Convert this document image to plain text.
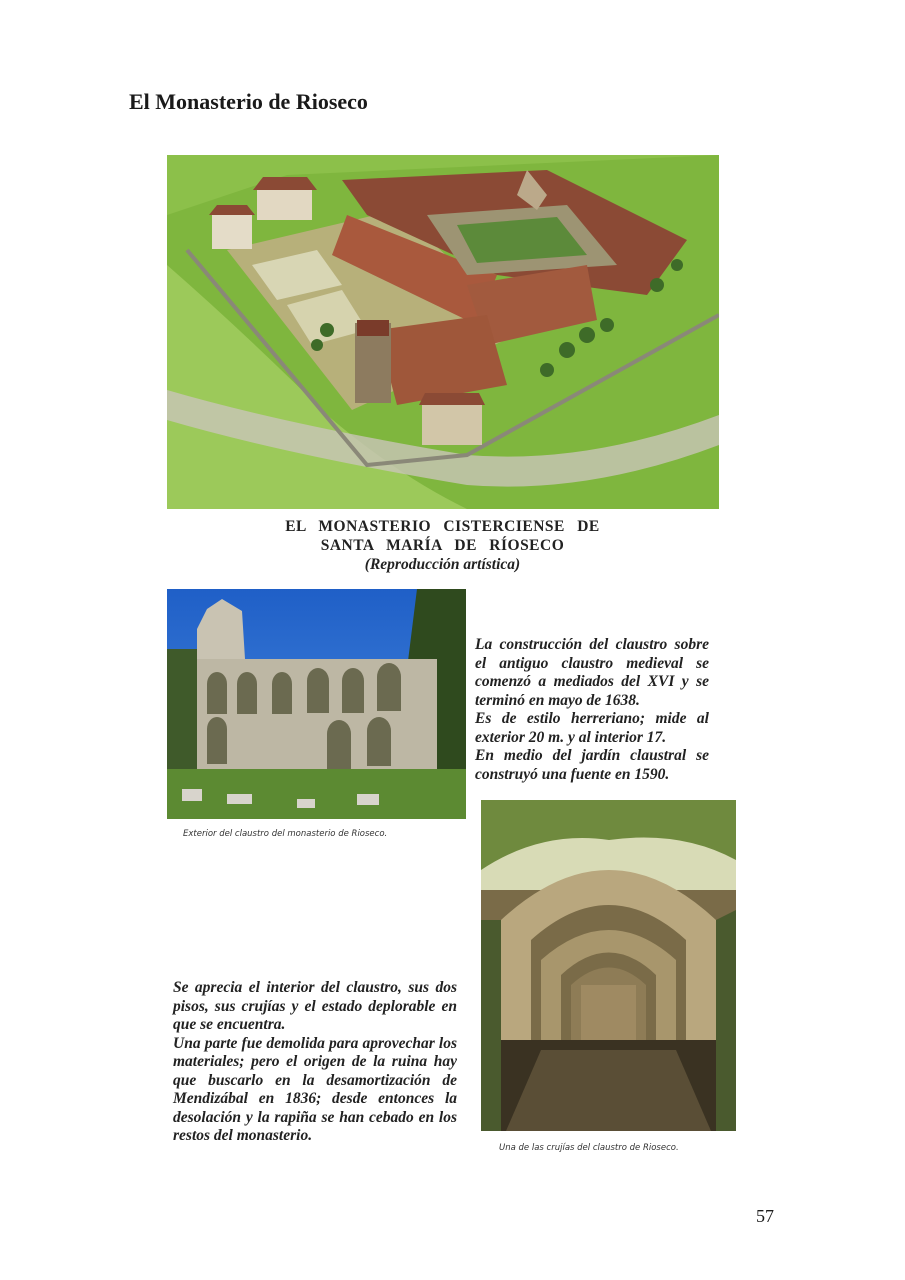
El Monasterio de Rioseco
EL MONASTERIO CISTERCIENSE DE
SANTA MARÍA DE RÍOSECO
(Reproducción artística)
Exterior del claustro del monasterio de Rioseco.

La construcción del claustro sobre el antiguo claustro medieval se comenzó a mediados del XVI y se terminó en mayo de 1638.

Es de estilo herreriano; mide al exterior 20 m. y al interior 17.

En medio del jardín claustral se construyó una fuente en 1590.

Una de las crujías del claustro de Rioseco.

Se aprecia el interior del claustro, sus dos pisos, sus crujías y el estado deplorable en que se encuentra.

Una parte fue demolida para aprovechar los materiales; pero el origen de la ruina hay que buscarlo en la desamortización de Mendizábal en 1836; desde entonces la desolación y la rapiña se han cebado en los restos del monasterio.

57
